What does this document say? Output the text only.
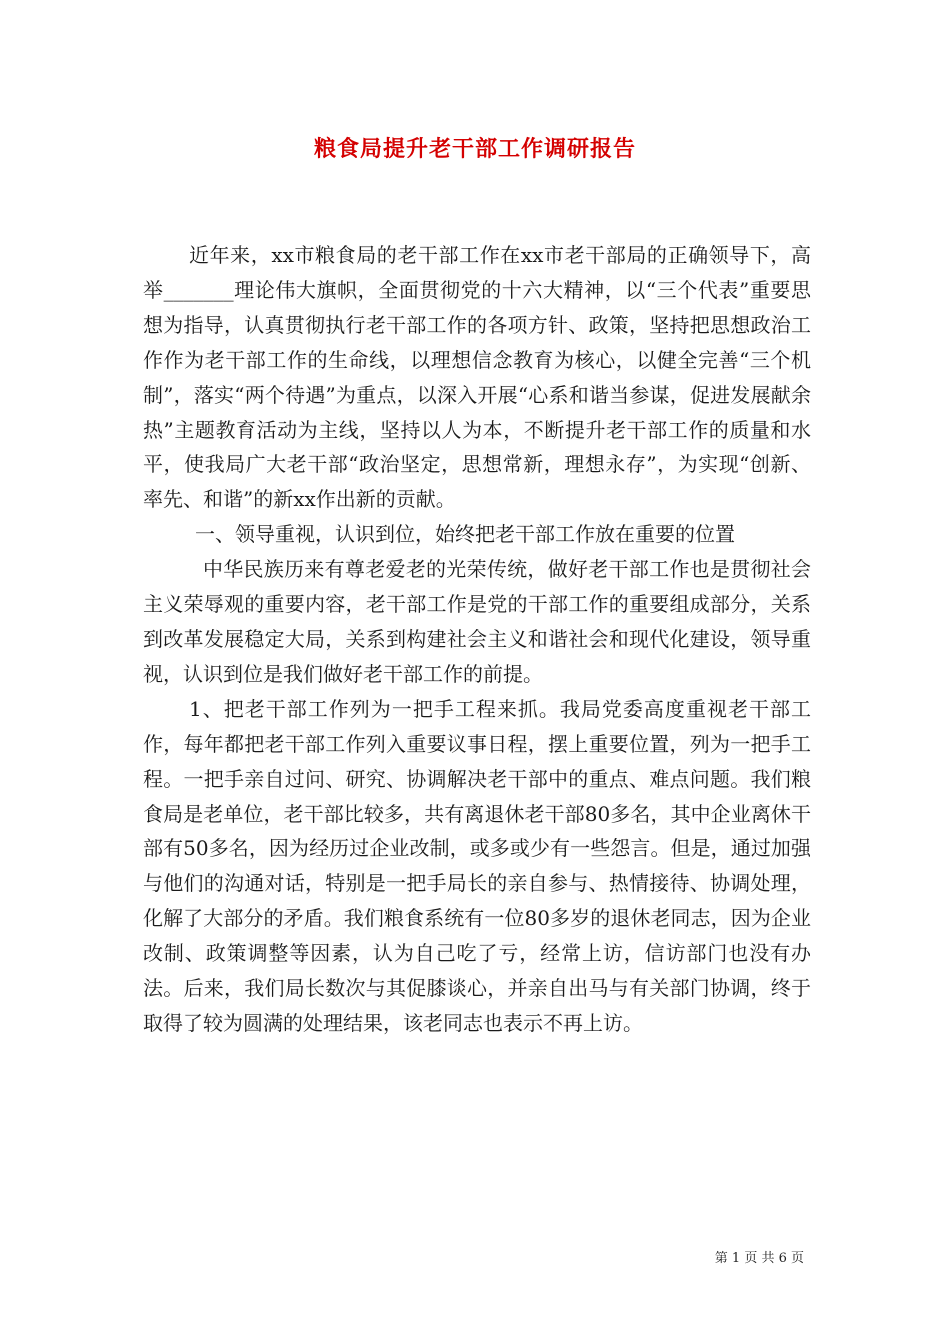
粮食局提升老干部工作调研报告

近年来，xx市粮食局的老干部工作在xx市老干部局的正确领导下，高举_______理论伟大旗帜，全面贯彻党的十六大精神，以“三个代表”重要思想为指导，认真贯彻执行老干部工作的各项方针、政策，坚持把思想政治工作作为老干部工作的生命线，以理想信念教育为核心，以健全完善“三个机制”，落实“两个待遇”为重点，以深入开展“心系和谐当参谋，促进发展献余热”主题教育活动为主线，坚持以人为本，不断提升老干部工作的质量和水平，使我局广大老干部“政治坚定，思想常新，理想永存”，为实现“创新、率先、和谐”的新xx作出新的贡献。

一、领导重视，认识到位，始终把老干部工作放在重要的位置

中华民族历来有尊老爱老的光荣传统，做好老干部工作也是贯彻社会主义荣辱观的重要内容，老干部工作是党的干部工作的重要组成部分，关系到改革发展稳定大局，关系到构建社会主义和谐社会和现代化建设，领导重视，认识到位是我们做好老干部工作的前提。

1、把老干部工作列为一把手工程来抓。我局党委高度重视老干部工作，每年都把老干部工作列入重要议事日程，摆上重要位置，列为一把手工程。一把手亲自过问、研究、协调解决老干部中的重点、难点问题。我们粮食局是老单位，老干部比较多，共有离退休老干部80多名，其中企业离休干部有50多名，因为经历过企业改制，或多或少有一些怨言。但是，通过加强与他们的沟通对话，特别是一把手局长的亲自参与、热情接待、协调处理，化解了大部分的矛盾。我们粮食系统有一位80多岁的退休老同志，因为企业改制、政策调整等因素，认为自己吃了亏，经常上访，信访部门也没有办法。后来，我们局长数次与其促膝谈心，并亲自出马与有关部门协调，终于取得了较为圆满的处理结果，该老同志也表示不再上访。

第 1 页 共 6 页
